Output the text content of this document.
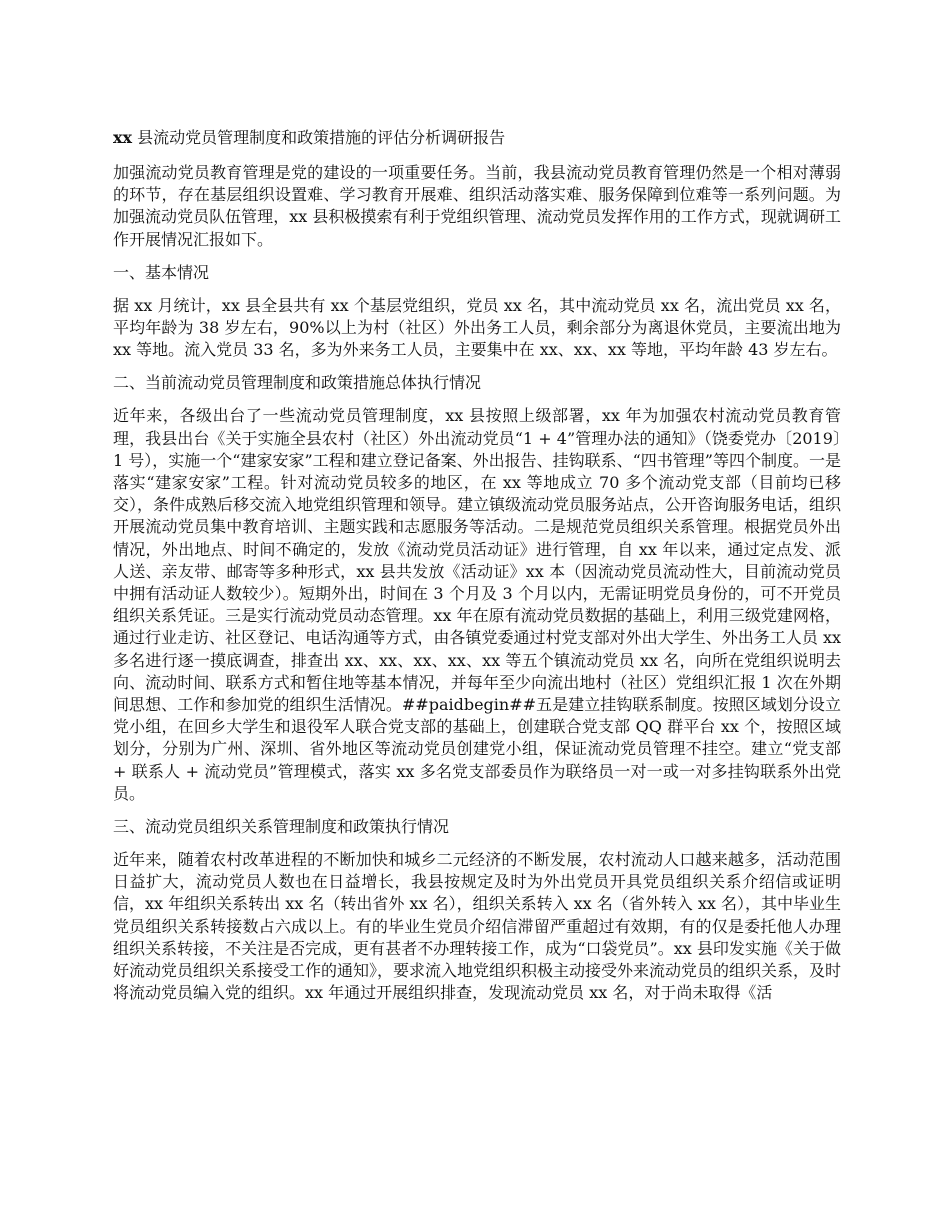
xx 县流动党员管理制度和政策措施的评估分析调研报告

加强流动党员教育管理是党的建设的一项重要任务。当前，我县流动党员教育管理仍然是一个相对薄弱的环节，存在基层组织设置难、学习教育开展难、组织活动落实难、服务保障到位难等一系列问题。为加强流动党员队伍管理，xx 县积极摸索有利于党组织管理、流动党员发挥作用的工作方式，现就调研工作开展情况汇报如下。

一、基本情况

据 xx 月统计，xx 县全县共有 xx 个基层党组织，党员 xx 名，其中流动党员 xx 名，流出党员 xx 名，平均年龄为 38 岁左右，90%以上为村（社区）外出务工人员，剩余部分为离退休党员，主要流出地为 xx 等地。流入党员 33 名，多为外来务工人员，主要集中在 xx、xx、xx 等地，平均年龄 43 岁左右。

二、当前流动党员管理制度和政策措施总体执行情况

近年来，各级出台了一些流动党员管理制度，xx 县按照上级部署，xx 年为加强农村流动党员教育管理，我县出台《关于实施全县农村（社区）外出流动党员“1 + 4”管理办法的通知》（饶委党办〔2019〕1 号），实施一个“建家安家”工程和建立登记备案、外出报告、挂钩联系、“四书管理”等四个制度。一是落实“建家安家”工程。针对流动党员较多的地区，在 xx 等地成立 70 多个流动党支部（目前均已移交），条件成熟后移交流入地党组织管理和领导。建立镇级流动党员服务站点，公开咨询服务电话，组织开展流动党员集中教育培训、主题实践和志愿服务等活动。二是规范党员组织关系管理。根据党员外出情况，外出地点、时间不确定的，发放《流动党员活动证》进行管理，自 xx 年以来，通过定点发、派人送、亲友带、邮寄等多种形式，xx 县共发放《活动证》xx 本（因流动党员流动性大，目前流动党员中拥有活动证人数较少）。短期外出，时间在 3 个月及 3 个月以内，无需证明党员身份的，可不开党员组织关系凭证。三是实行流动党员动态管理。xx 年在原有流动党员数据的基础上，利用三级党建网格，通过行业走访、社区登记、电话沟通等方式，由各镇党委通过村党支部对外出大学生、外出务工人员 xx 多名进行逐一摸底调查，排查出 xx、xx、xx、xx、xx 等五个镇流动党员 xx 名，向所在党组织说明去向、流动时间、联系方式和暂住地等基本情况，并每年至少向流出地村（社区）党组织汇报 1 次在外期间思想、工作和参加党的组织生活情况。##paidbegin##五是建立挂钩联系制度。按照区域划分设立党小组，在回乡大学生和退役军人联合党支部的基础上，创建联合党支部 QQ 群平台 xx 个，按照区域划分，分别为广州、深圳、省外地区等流动党员创建党小组，保证流动党员管理不挂空。建立“党支部 + 联系人 + 流动党员”管理模式，落实 xx 多名党支部委员作为联络员一对一或一对多挂钩联系外出党员。

三、流动党员组织关系管理制度和政策执行情况

近年来，随着农村改革进程的不断加快和城乡二元经济的不断发展，农村流动人口越来越多，活动范围日益扩大，流动党员人数也在日益增长，我县按规定及时为外出党员开具党员组织关系介绍信或证明信，xx 年组织关系转出 xx 名（转出省外 xx 名），组织关系转入 xx 名（省外转入 xx 名），其中毕业生党员组织关系转接数占六成以上。有的毕业生党员介绍信滞留严重超过有效期，有的仅是委托他人办理组织关系转接，不关注是否完成，更有甚者不办理转接工作，成为“口袋党员”。xx 县印发实施《关于做好流动党员组织关系接受工作的通知》，要求流入地党组织积极主动接受外来流动党员的组织关系，及时将流动党员编入党的组织。xx 年通过开展组织排查，发现流动党员 xx 名，对于尚未取得《活
